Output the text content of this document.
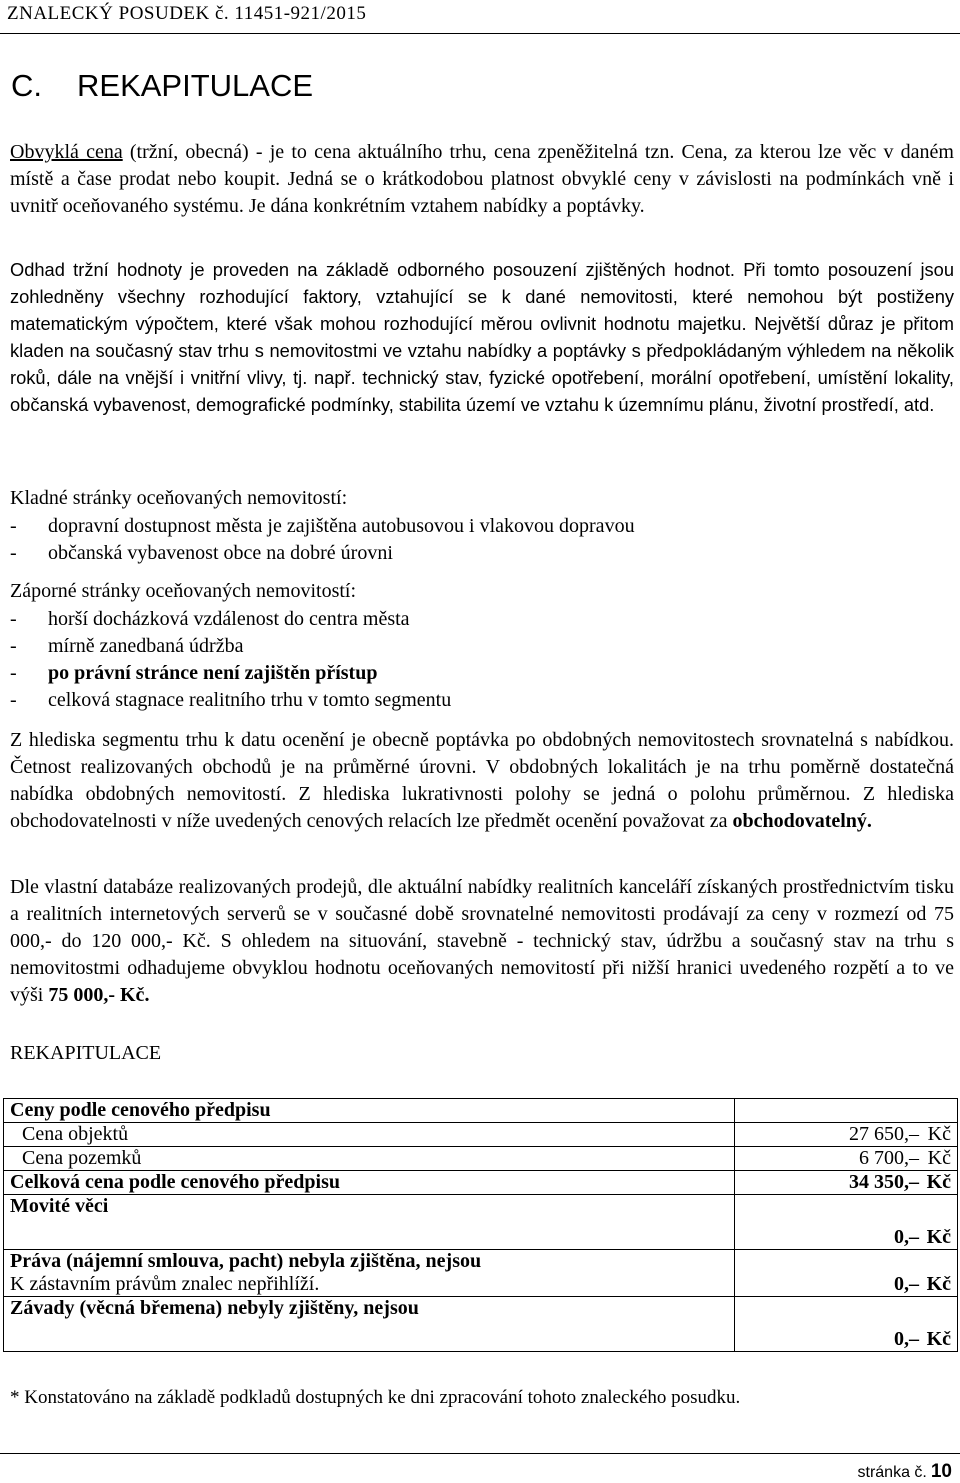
ZNALECKÝ POSUDEK č. 11451-921/2015
C. REKAPITULACE

Obvyklá cena (tržní, obecná) - je to cena aktuálního trhu, cena zpeněžitelná tzn. Cena, za kterou lze věc v daném místě a čase prodat nebo koupit. Jedná se o krátkodobou platnost obvyklé ceny v závislosti na podmínkách vně i uvnitř oceňovaného systému. Je dána konkrétním vztahem nabídky a poptávky.

Odhad tržní hodnoty je proveden na základě odborného posouzení zjištěných hodnot. Při tomto posouzení jsou zohledněny všechny rozhodující faktory, vztahující se k dané nemovitosti, které nemohou být postiženy matematickým výpočtem, které však mohou rozhodující měrou ovlivnit hodnotu majetku. Největší důraz je přitom kladen na současný stav trhu s nemovitostmi ve vztahu nabídky a poptávky s předpokládaným výhledem na několik roků, dále na vnější i vnitřní vlivy, tj. např. technický stav, fyzické opotřebení, morální opotřebení, umístění lokality, občanská vybavenost, demografické podmínky, stabilita území ve vztahu k územnímu plánu, životní prostředí, atd.

Kladné stránky oceňovaných nemovitostí:
- dopravní dostupnost města je zajištěna autobusovou i vlakovou dopravou
- občanská vybavenost obce na dobré úrovni
Záporné stránky oceňovaných nemovitostí:
- horší docházková vzdálenost do centra města
- mírně zanedbaná údržba
- po právní stránce není zajištěn přístup
- celková stagnace realitního trhu v tomto segmentu

Z hlediska segmentu trhu k datu ocenění je obecně poptávka po obdobných nemovitostech srovnatelná s nabídkou. Četnost realizovaných obchodů je na průměrné úrovni. V obdobných lokalitách je na trhu poměrně dostatečná nabídka obdobných nemovitostí. Z hlediska lukrativnosti polohy se jedná o polohu průměrnou. Z hlediska obchodovatelnosti v níže uvedených cenových relacích lze předmět ocenění považovat za obchodovatelný.

Dle vlastní databáze realizovaných prodejů, dle aktuální nabídky realitních kanceláří získaných prostřednictvím tisku a realitních internetových serverů se v současné době srovnatelné nemovitosti prodávají za ceny v rozmezí od 75 000,- do 120 000,- Kč. S ohledem na situování, stavebně - technický stav, údržbu a současný stav na trhu s nemovitostmi odhadujeme obvyklou hodnotu oceňovaných nemovitostí při nižší hranici uvedeného rozpětí a to ve výši 75 000,- Kč.

REKAPITULACE
Ceny podle cenového předpisu	
Cena objektů	27 650,– Kč
Cena pozemků	6 700,– Kč
Celková cena podle cenového předpisu	34 350,– Kč
Movité věci	0,– Kč

Práva (nájemní smlouva, pacht) nebyla zjištěna, nejsou
K zástavním právům znalec nepřihlíží.	0,– Kč
Závady (věcná břemena) nebyly zjištěny, nejsou	0,– Kč

* Konstatováno na základě podkladů dostupných ke dni zpracování tohoto znaleckého posudku.

stránka č. 10
